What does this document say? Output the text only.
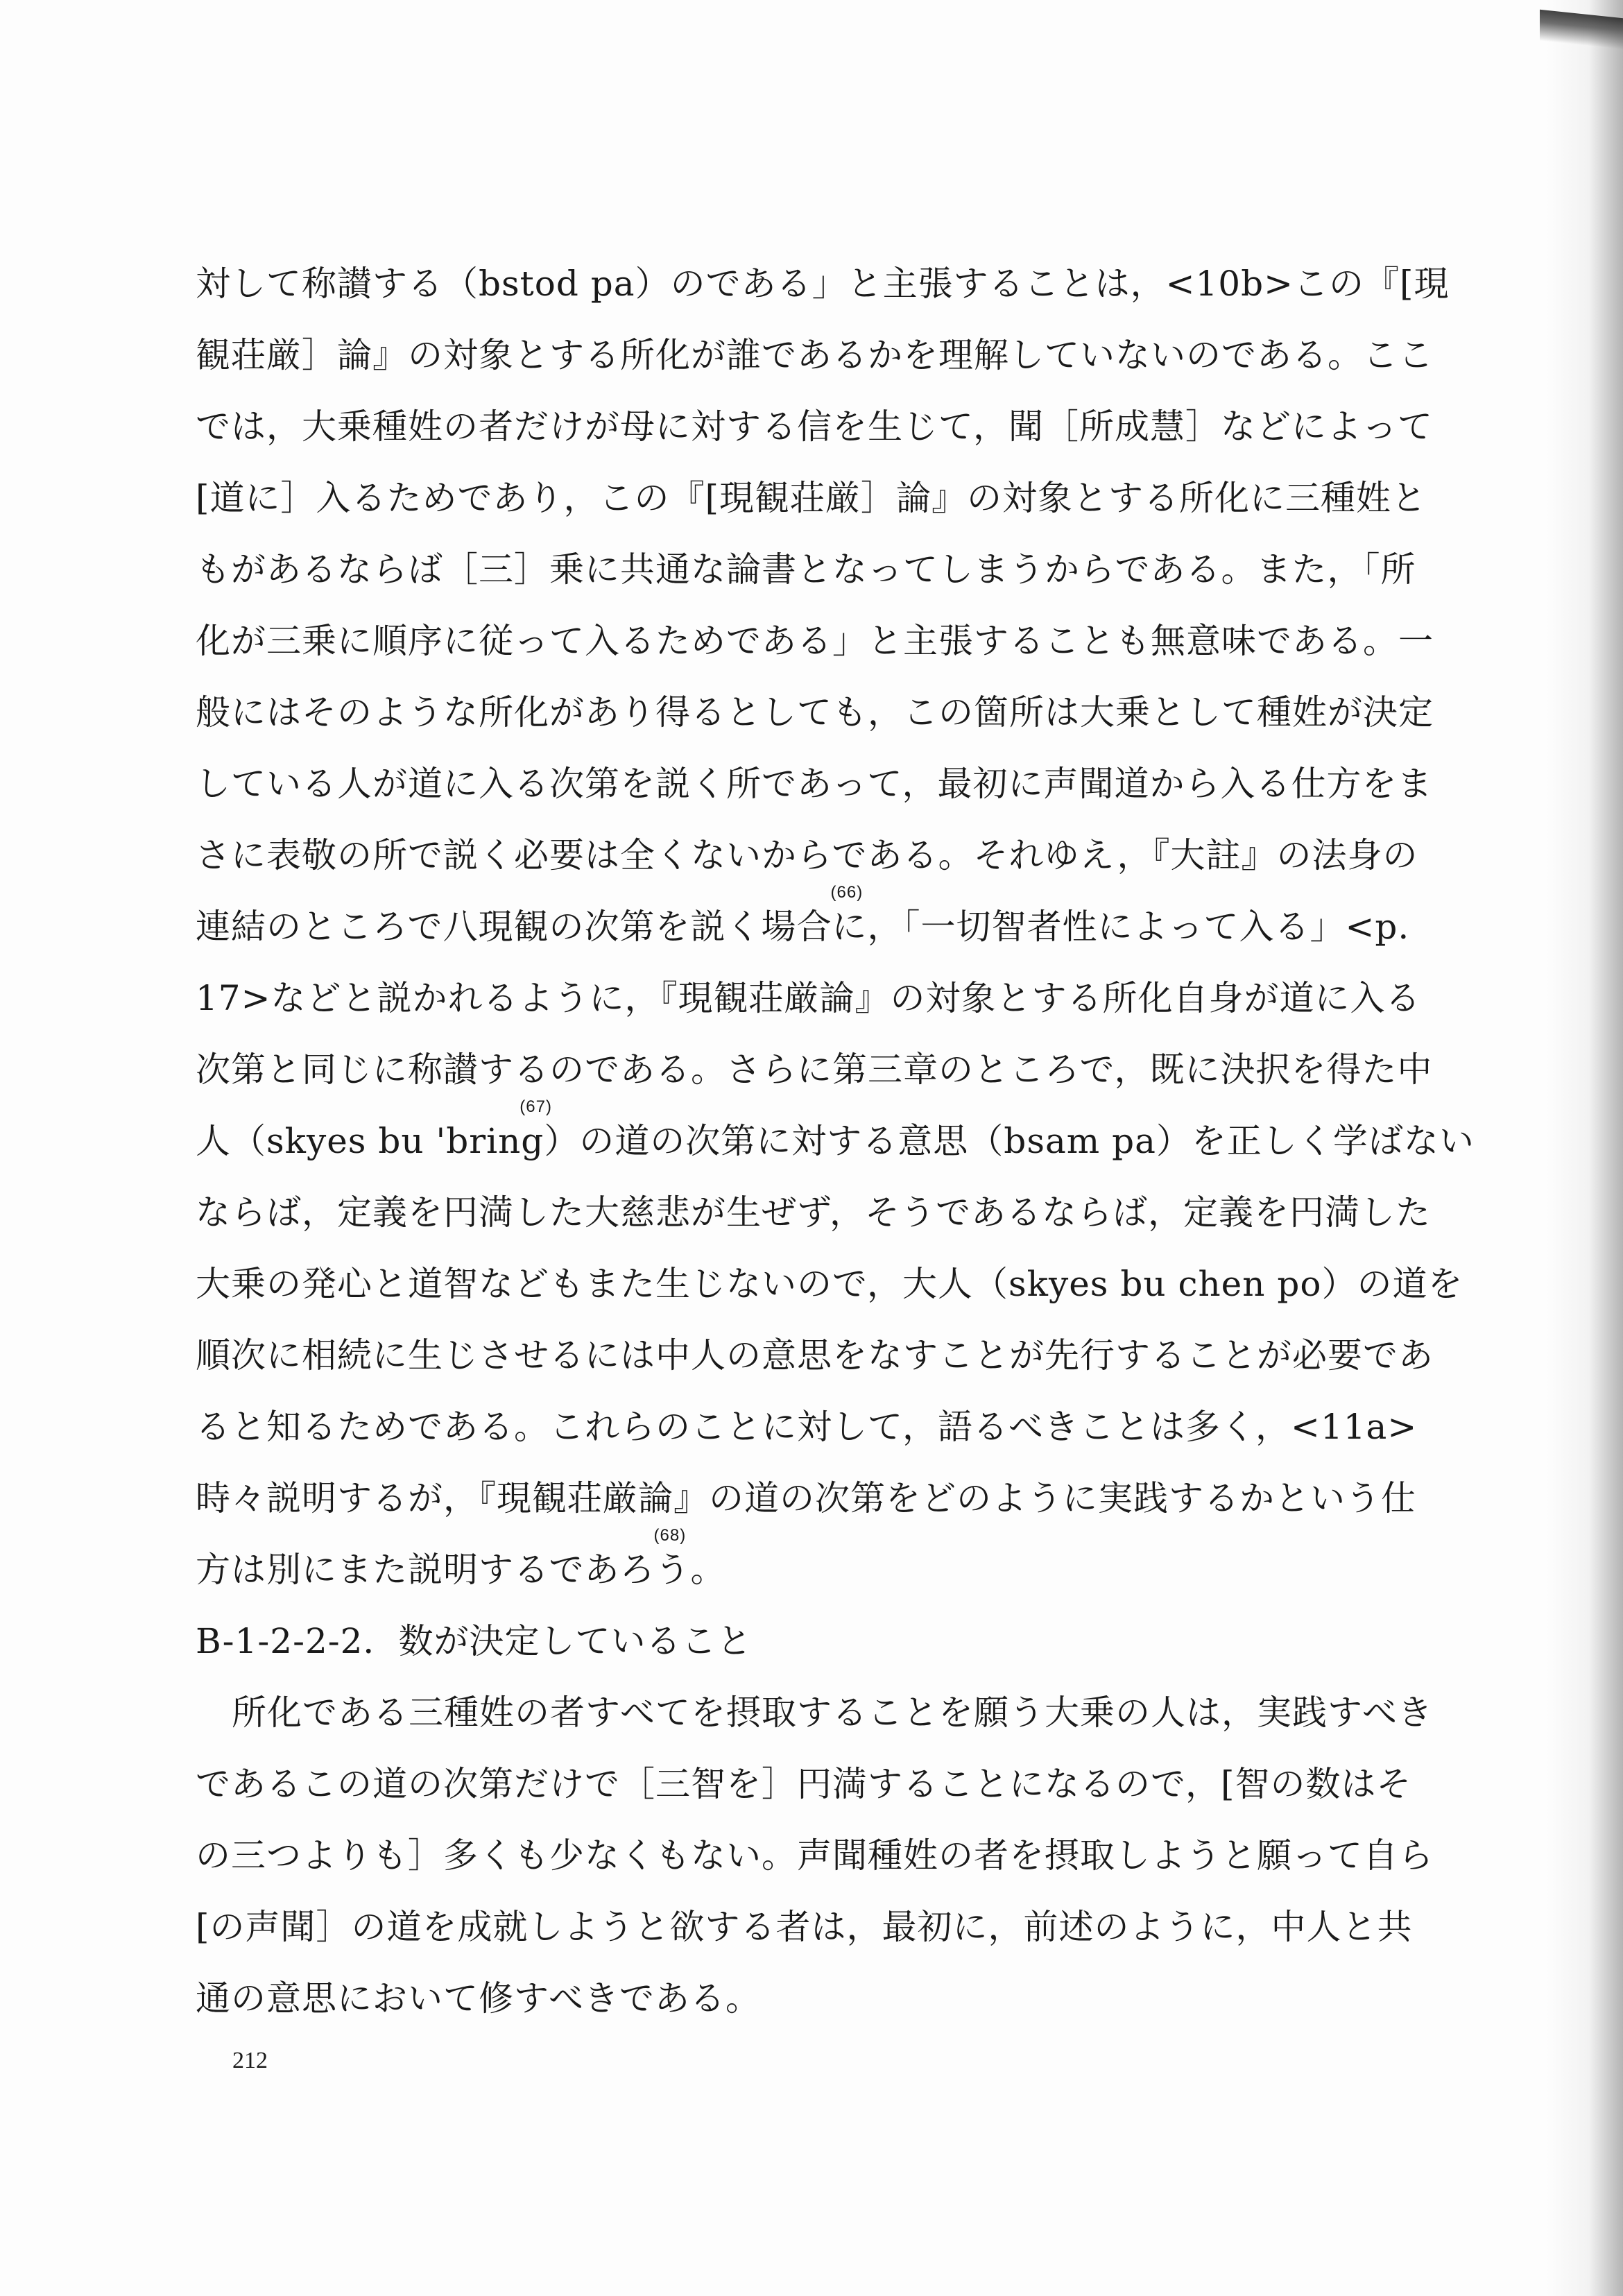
対して称讃する（bstod pa）のである」と主張することは，<10b>この『[現
観荘厳］論』の対象とする所化が誰であるかを理解していないのである。ここ
では，大乗種姓の者だけが母に対する信を生じて，聞［所成慧］などによって
[道に］入るためであり，この『[現観荘厳］論』の対象とする所化に三種姓と
もがあるならば［三］乗に共通な論書となってしまうからである。また，「所
化が三乗に順序に従って入るためである」と主張することも無意味である。一
般にはそのような所化があり得るとしても，この箇所は大乗として種姓が決定
している人が道に入る次第を説く所であって，最初に声聞道から入る仕方をま
さに表敬の所で説く必要は全くないからである。それゆえ，『大註』の法身の
連結のところで八現観の次第を説く場合
(66)
に，「一切智者性によって入る」<p.
17>などと説かれるように，『現観荘厳論』の対象とする所化自身が道に入る
次第と同じに称讃するのである。さらに第三章のところで，既に決択を得た中
人（skyes bu 'brin
(67)
g）の道の次第に対する意思（bsam pa）を正しく学ばない
ならば，定義を円満した大慈悲が生ぜず，そうであるならば，定義を円満した
大乗の発心と道智などもまた生じないので，大人（skyes bu chen po）の道を
順次に相続に生じさせるには中人の意思をなすことが先行することが必要であ
ると知るためである。これらのことに対して，語るべきことは多く，<11a>
時々説明するが，『現観荘厳論』の道の次第をどのように実践するかという仕
方は別にまた説明するであろ
(68)
う。
B-1-2-2-2．数が決定していること
所化である三種姓の者すべてを摂取することを願う大乗の人は，実践すべき
であるこの道の次第だけで［三智を］円満することになるので，[智の数はそ
の三つよりも］多くも少なくもない。声聞種姓の者を摂取しようと願って自ら
[の声聞］の道を成就しようと欲する者は，最初に，前述のように，中人と共
通の意思において修すべきである。
212
